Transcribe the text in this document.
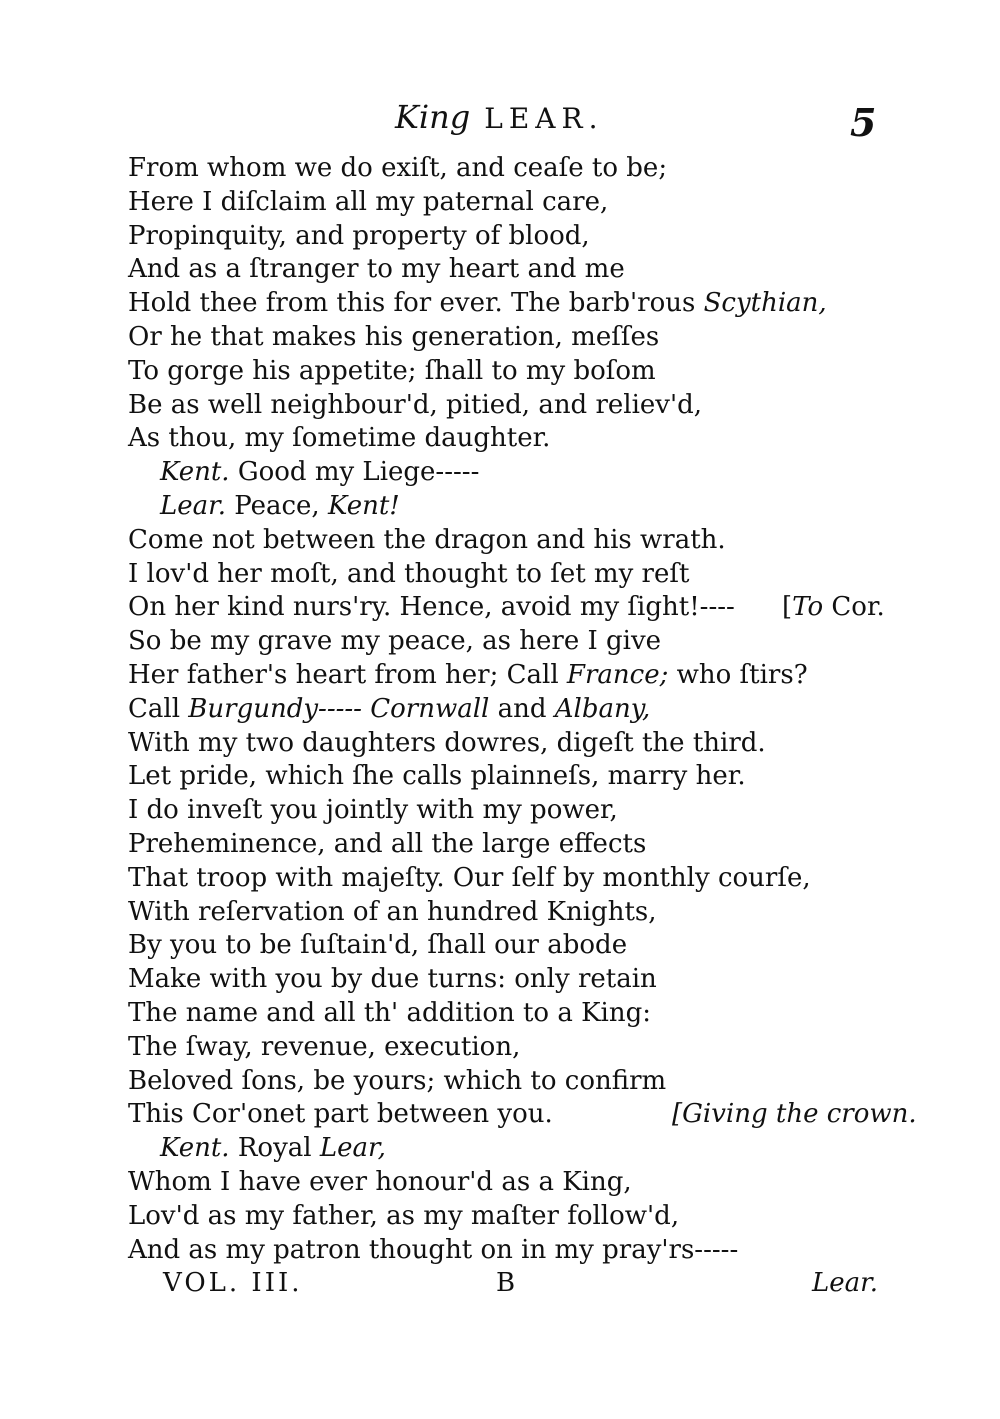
King LEAR.	5
From whom we do exiſt, and ceaſe to be;
Here I diſclaim all my paternal care,
Propinquity, and property of blood,
And as a ſtranger to my heart and me
Hold thee from this for ever. The barb'rous Scythian,
Or he that makes his generation, meſſes
To gorge his appetite; ſhall to my boſom
Be as well neighbour'd, pitied, and reliev'd,
As thou, my ſometime daughter.
Kent. Good my Liege-----
Lear. Peace, Kent!
Come not between the dragon and his wrath.
I lov'd her moſt, and thought to ſet my reſt
On her kind nurs'ry. Hence, avoid my ſight!---- [To Cor.
So be my grave my peace, as here I give
Her father's heart from her; Call France; who ſtirs?
Call Burgundy----- Cornwall and Albany,
With my two daughters dowres, digeſt the third.
Let pride, which ſhe calls plainneſs, marry her.
I do inveſt you jointly with my power,
Preheminence, and all the large effects
That troop with majeſty. Our ſelf by monthly courſe,
With reſervation of an hundred Knights,
By you to be ſuſtain'd, ſhall our abode
Make with you by due turns: only retain
The name and all th' addition to a King:
The ſway, revenue, execution,
Beloved ſons, be yours; which to confirm
This Cor'onet part between you.	[Giving the crown.
Kent. Royal Lear,
Whom I have ever honour'd as a King,
Lov'd as my father, as my maſter follow'd,
And as my patron thought on in my pray'rs-----
VOL. III.	B	Lear.
